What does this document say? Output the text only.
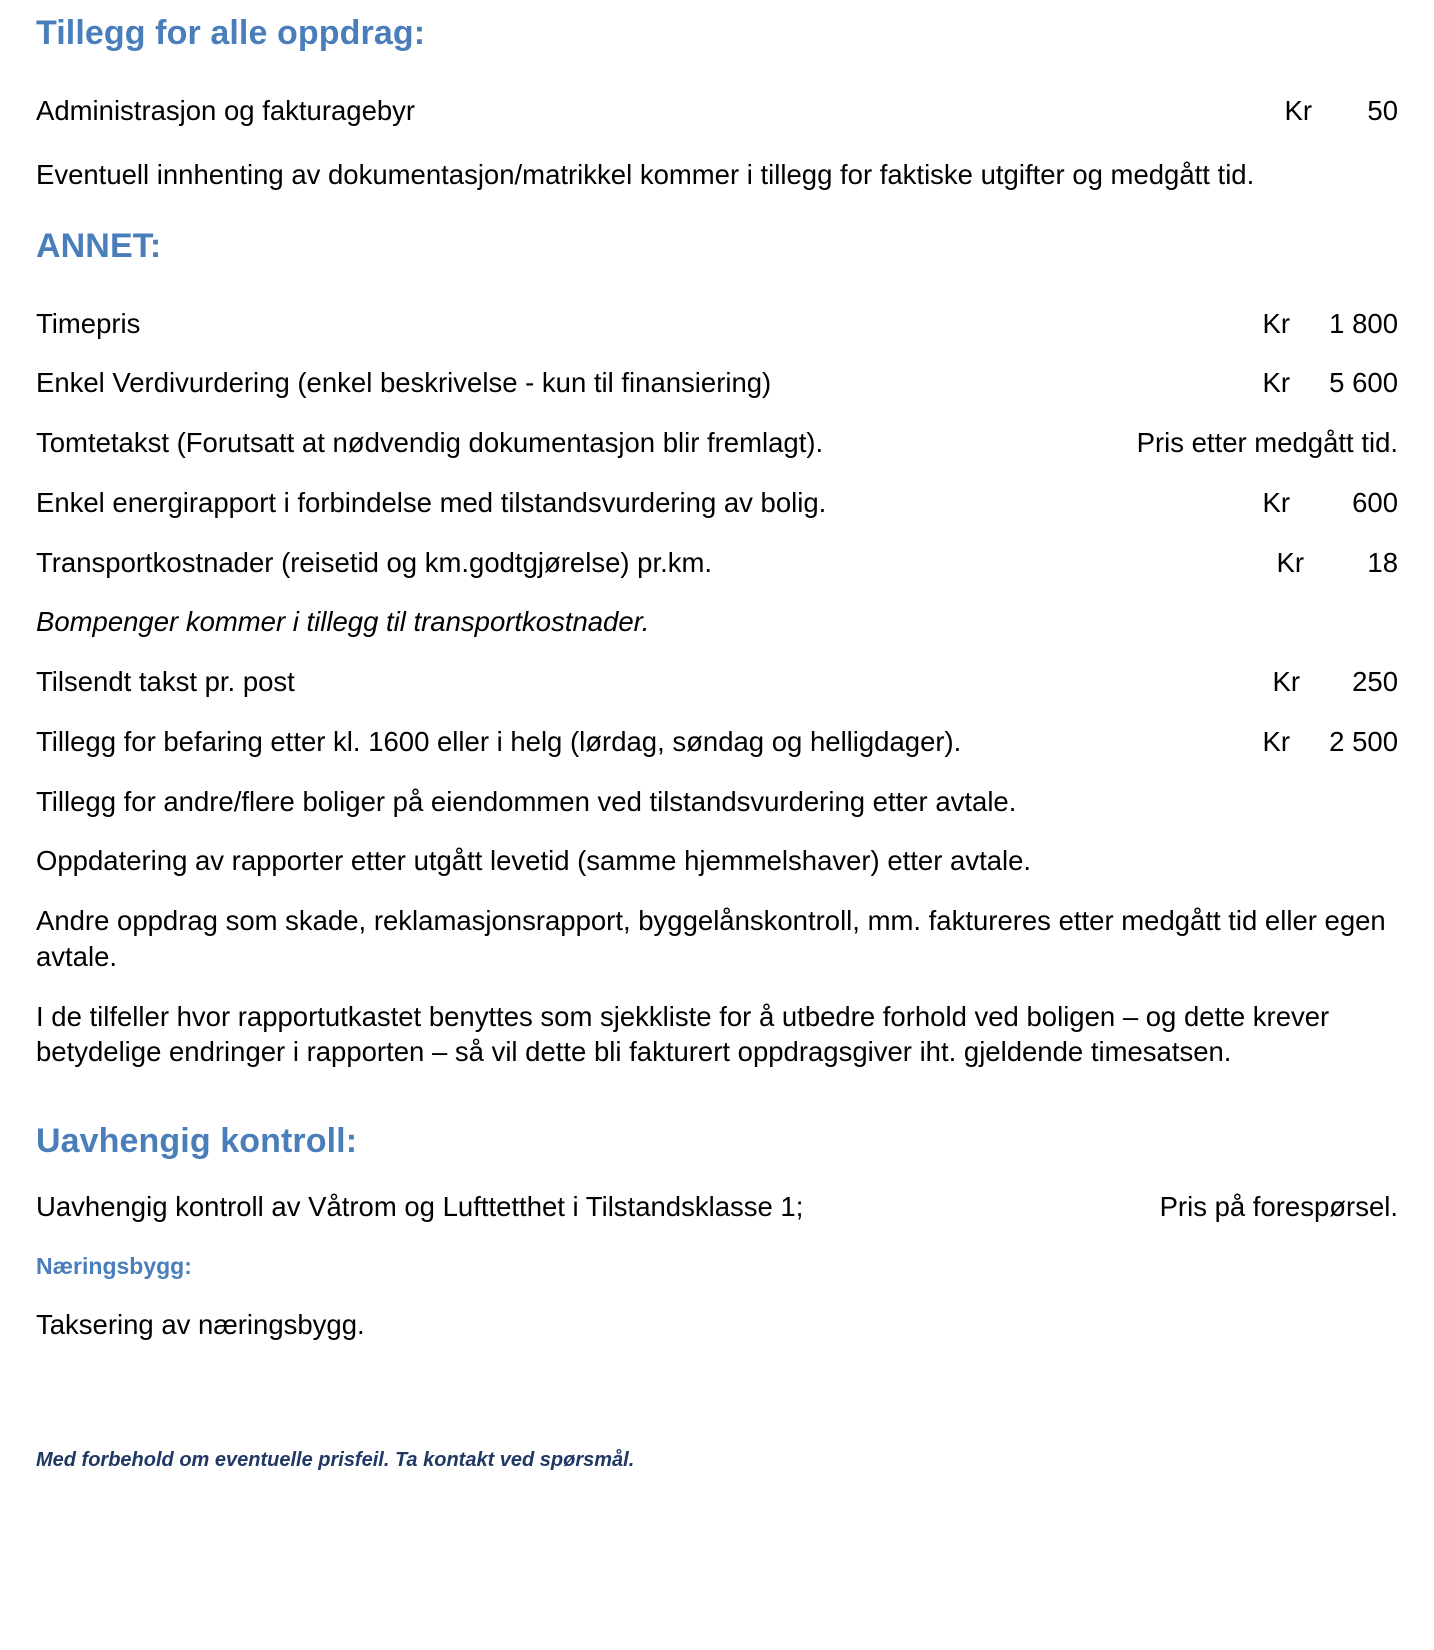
Tillegg for alle oppdrag:
Administrasjon og fakturagebyr	Kr	50
Eventuell innhenting av dokumentasjon/matrikkel kommer i tillegg for faktiske utgifter og medgått tid.
ANNET:
Timepris	Kr	1 800
Enkel Verdivurdering (enkel beskrivelse - kun til finansiering)	Kr	5 600
Tomtetakst (Forutsatt at nødvendig dokumentasjon blir fremlagt).	Pris etter medgått tid.
Enkel energirapport i forbindelse med tilstandsvurdering av bolig.	Kr	600
Transportkostnader (reisetid og km.godtgjørelse) pr.km.	Kr	18
Bompenger kommer i tillegg til transportkostnader.
Tilsendt takst pr. post	Kr	250
Tillegg for befaring etter kl. 1600 eller i helg (lørdag, søndag og helligdager).	Kr	2 500
Tillegg for andre/flere boliger på eiendommen ved tilstandsvurdering etter avtale.
Oppdatering av rapporter etter utgått levetid (samme hjemmelshaver) etter avtale.
Andre oppdrag som skade, reklamasjonsrapport, byggelånskontroll, mm. faktureres etter medgått tid eller egen avtale.
I de tilfeller hvor rapportutkastet benyttes som sjekkliste for å utbedre forhold ved boligen – og dette krever betydelige endringer i rapporten – så vil dette bli fakturert oppdragsgiver iht. gjeldende timesatsen.
Uavhengig kontroll:
Uavhengig kontroll av Våtrom og Lufttetthet i Tilstandsklasse 1;	Pris på forespørsel.
Næringsbygg:
Taksering av næringsbygg.
Med forbehold om eventuelle prisfeil. Ta kontakt ved spørsmål.
